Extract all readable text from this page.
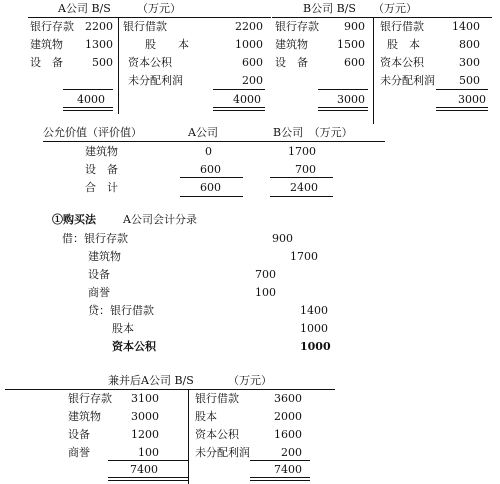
A公司 B/S （万元）
银行存款	2200
建筑物	1300
设　备	500
银行借款	2200
股　　本	1000
资本公积	600
未分配利润	200
4000	4000
B公司 B/S （万元）
银行存款	900
建筑物	1500
设　备	600
银行借款	1400
股　本	800
资本公积	300
未分配利润	500
3000	3000
公允价值（评价值）	A公司	B公司　（万元）
建筑物	0	1700
设　备	600	700
合　计	600	2400
①购买法 A公司会计分录
借：银行存款	900
建筑物	1700
设备	700
商誉	100
贷：银行借款	1400
股本	1000
资本公积	1000
兼并后A公司 B/S	（万元）
银行存款	3100
建筑物	3000
设备	1200
商誉	100
银行借款	3600
股本	2000
资本公积	1600
未分配利润	200
7400	7400
